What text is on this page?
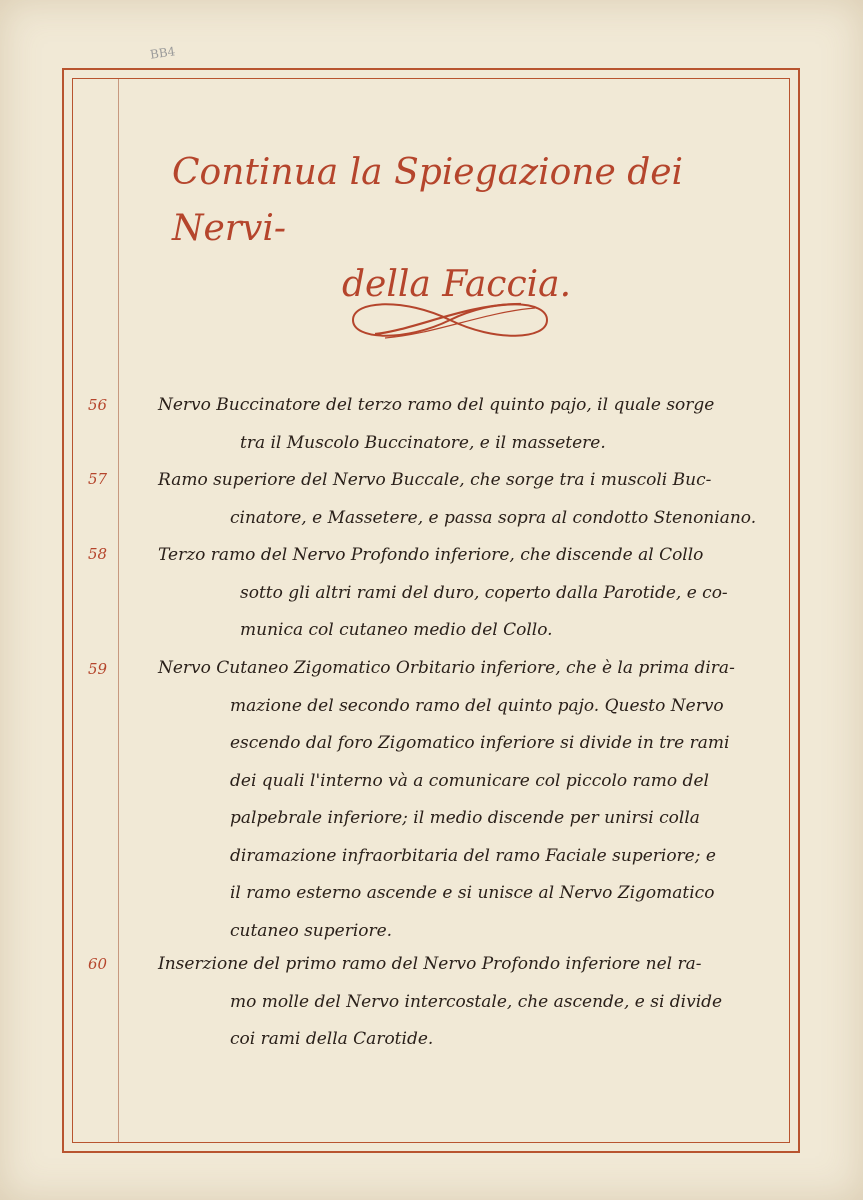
BB4
Continua la Spiegazione dei Nervi-
della Faccia.
56	Nervo Buccinatore del terzo ramo del quinto pajo, il quale sorge
tra il Muscolo Buccinatore, e il massetere.

57	Ramo superiore del Nervo Buccale, che sorge tra i muscoli Buc-
cinatore, e Massetere, e passa sopra al condotto Stenoniano.

58	Terzo ramo del Nervo Profondo inferiore, che discende al Collo
sotto gli altri rami del duro, coperto dalla Parotide, e co-
munica col cutaneo medio del Collo.

59	Nervo Cutaneo Zigomatico Orbitario inferiore, che è la prima dira-
mazione del secondo ramo del quinto pajo. Questo Nervo
escendo dal foro Zigomatico inferiore si divide in tre rami
dei quali l'interno và a comunicare col piccolo ramo del
palpebrale inferiore; il medio discende per unirsi colla
diramazione infraorbitaria del ramo Faciale superiore; e
il ramo esterno ascende e si unisce al Nervo Zigomatico
cutaneo superiore.

60	Inserzione del primo ramo del Nervo Profondo inferiore nel ra-
mo molle del Nervo intercostale, che ascende, e si divide
coi rami della Carotide.
